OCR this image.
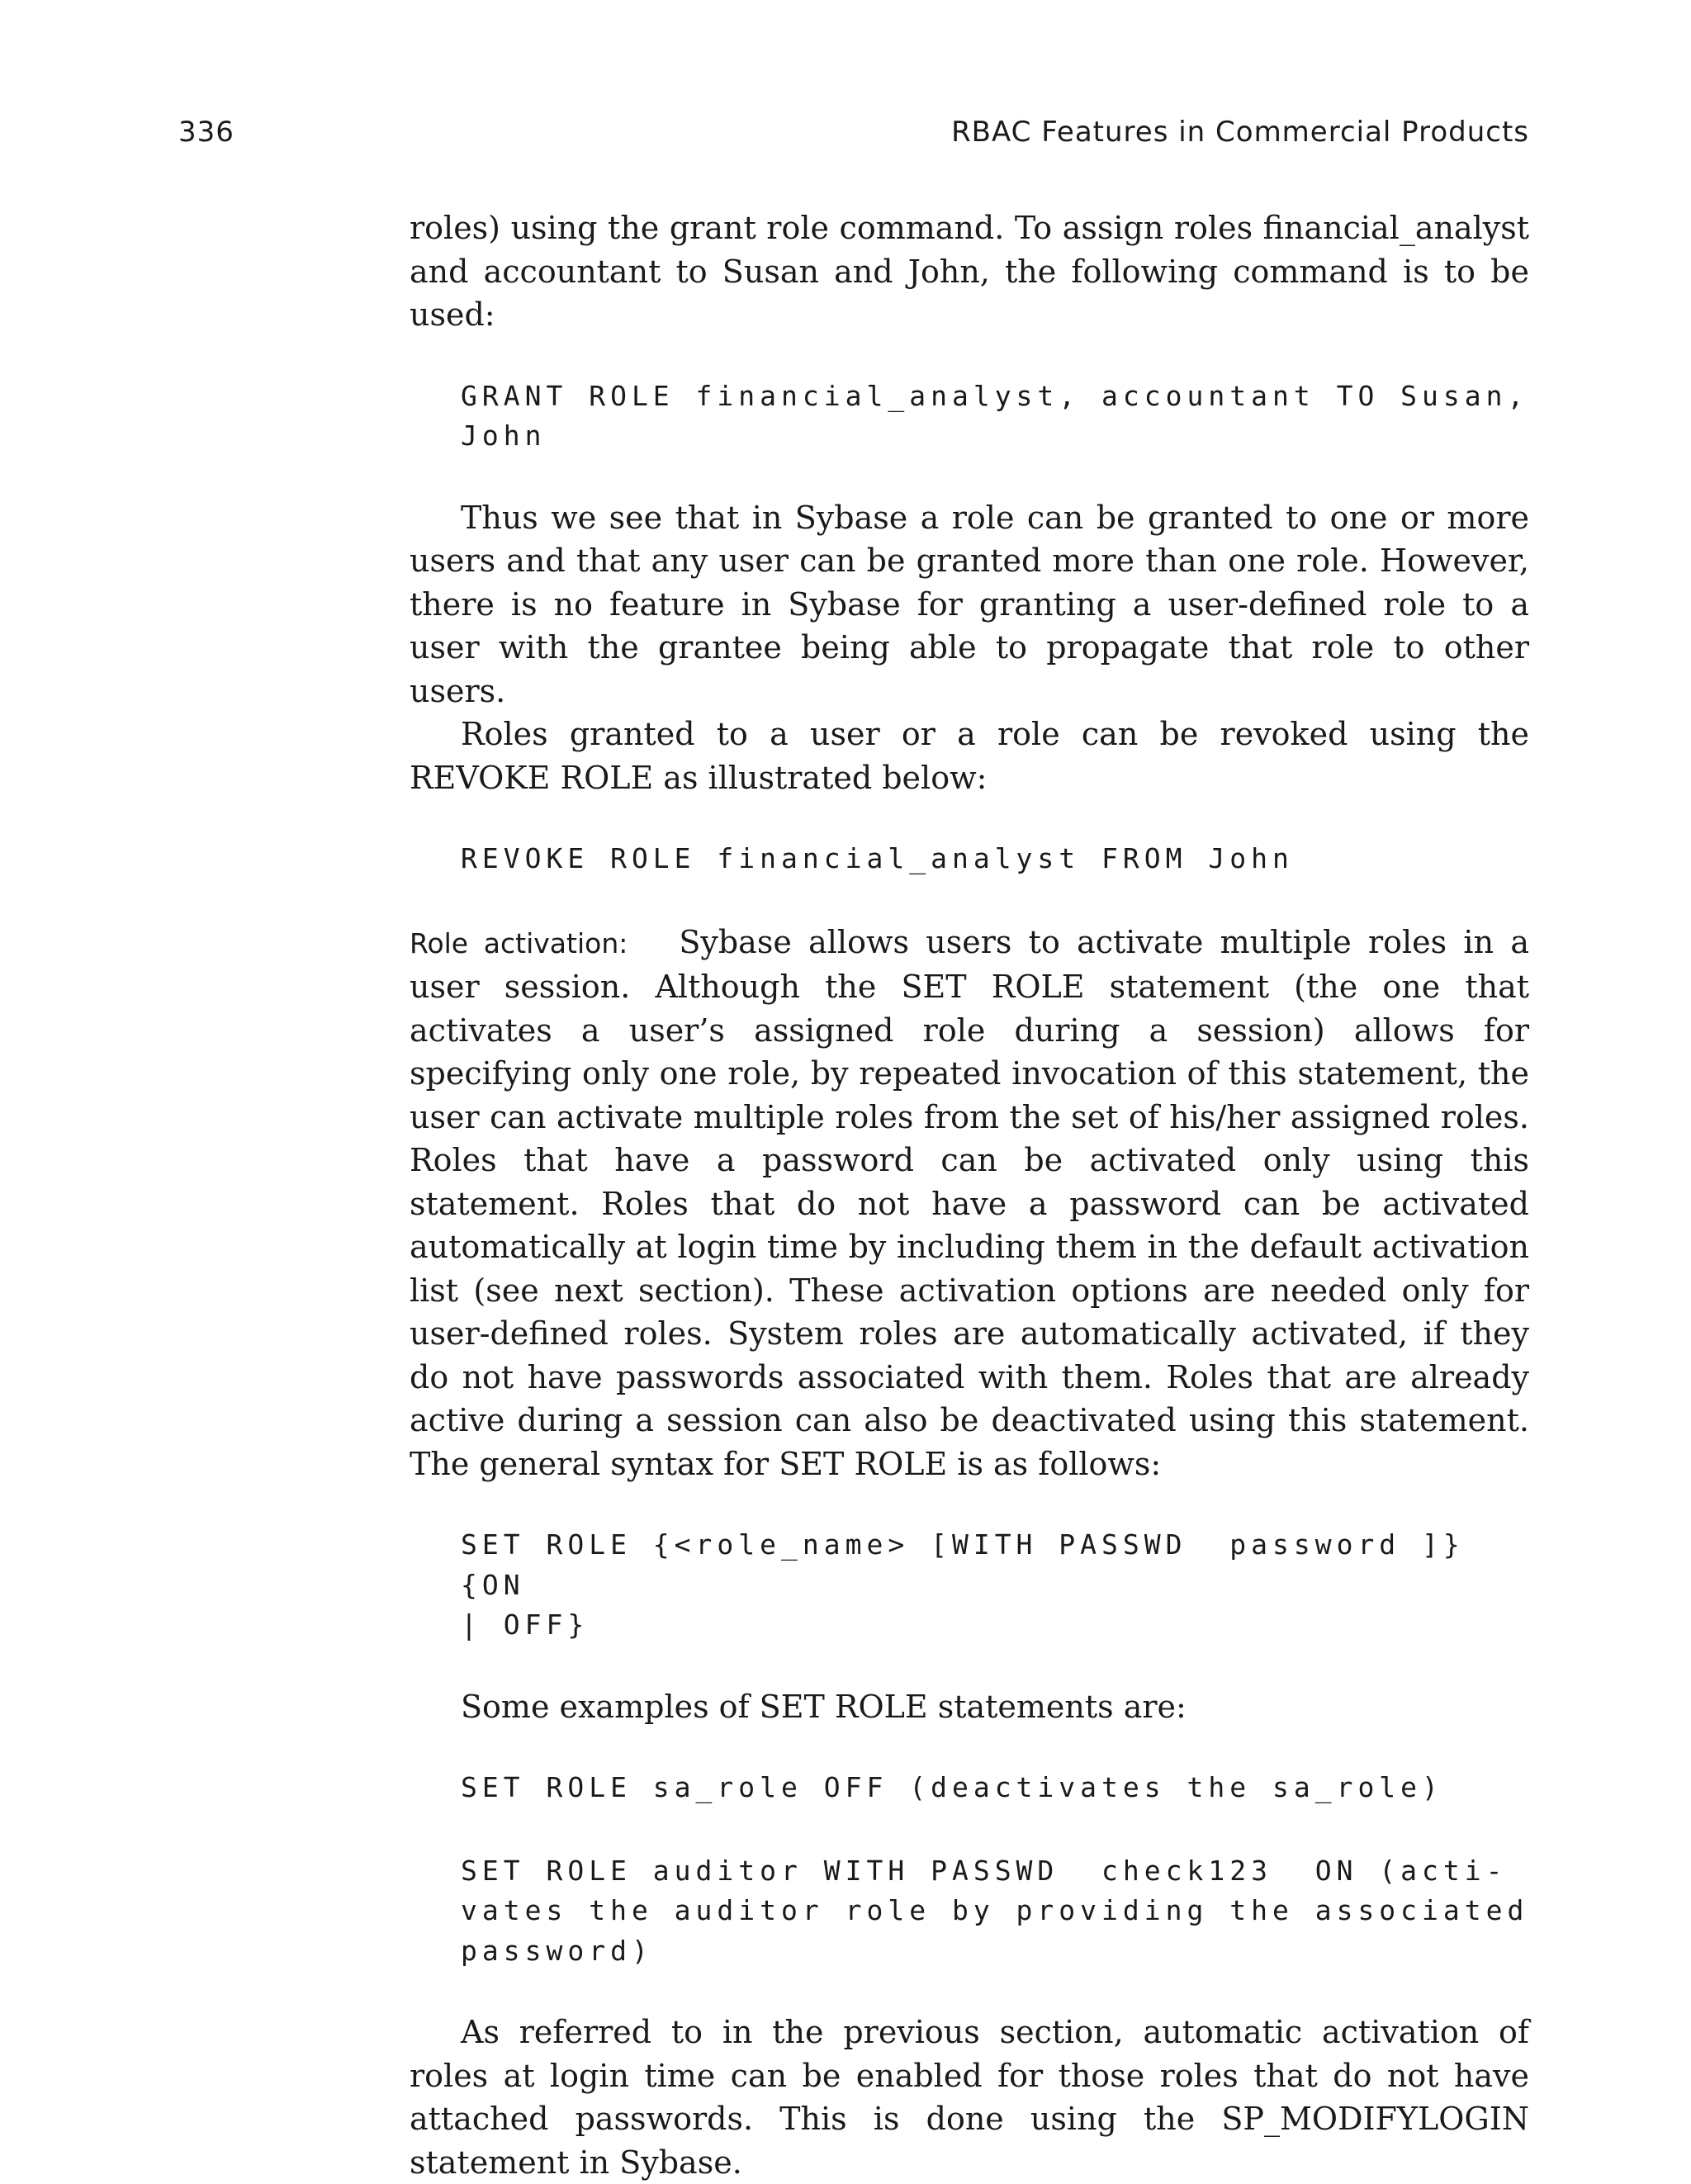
336	RBAC Features in Commercial Products

roles) using the grant role command. To assign roles financial_analyst and accountant to Susan and John, the following command is to be used:

GRANT ROLE financial_analyst, accountant TO Susan,
John

Thus we see that in Sybase a role can be granted to one or more users and that any user can be granted more than one role. However, there is no feature in Sybase for granting a user-defined role to a user with the grantee being able to propagate that role to other users.

Roles granted to a user or a role can be revoked using the REVOKE ROLE as illustrated below:

REVOKE ROLE financial_analyst FROM John

Role activation: Sybase allows users to activate multiple roles in a user session. Although the SET ROLE statement (the one that activates a user’s assigned role during a session) allows for specifying only one role, by repeated invocation of this statement, the user can activate multiple roles from the set of his/her assigned roles. Roles that have a password can be activated only using this statement. Roles that do not have a password can be activated automatically at login time by including them in the default activation list (see next section). These activation options are needed only for user-defined roles. System roles are automatically activated, if they do not have passwords associated with them. Roles that are already active during a session can also be deactivated using this statement. The general syntax for SET ROLE is as follows:

SET ROLE {<role_name> [WITH PASSWD  password ]} {ON
| OFF}

Some examples of SET ROLE statements are:

SET ROLE sa_role OFF (deactivates the sa_role)
SET ROLE auditor WITH PASSWD  check123  ON (acti-
vates the auditor role by providing the associated
password)

As referred to in the previous section, automatic activation of roles at login time can be enabled for those roles that do not have attached passwords. This is done using the SP_MODIFYLOGIN statement in Sybase.
